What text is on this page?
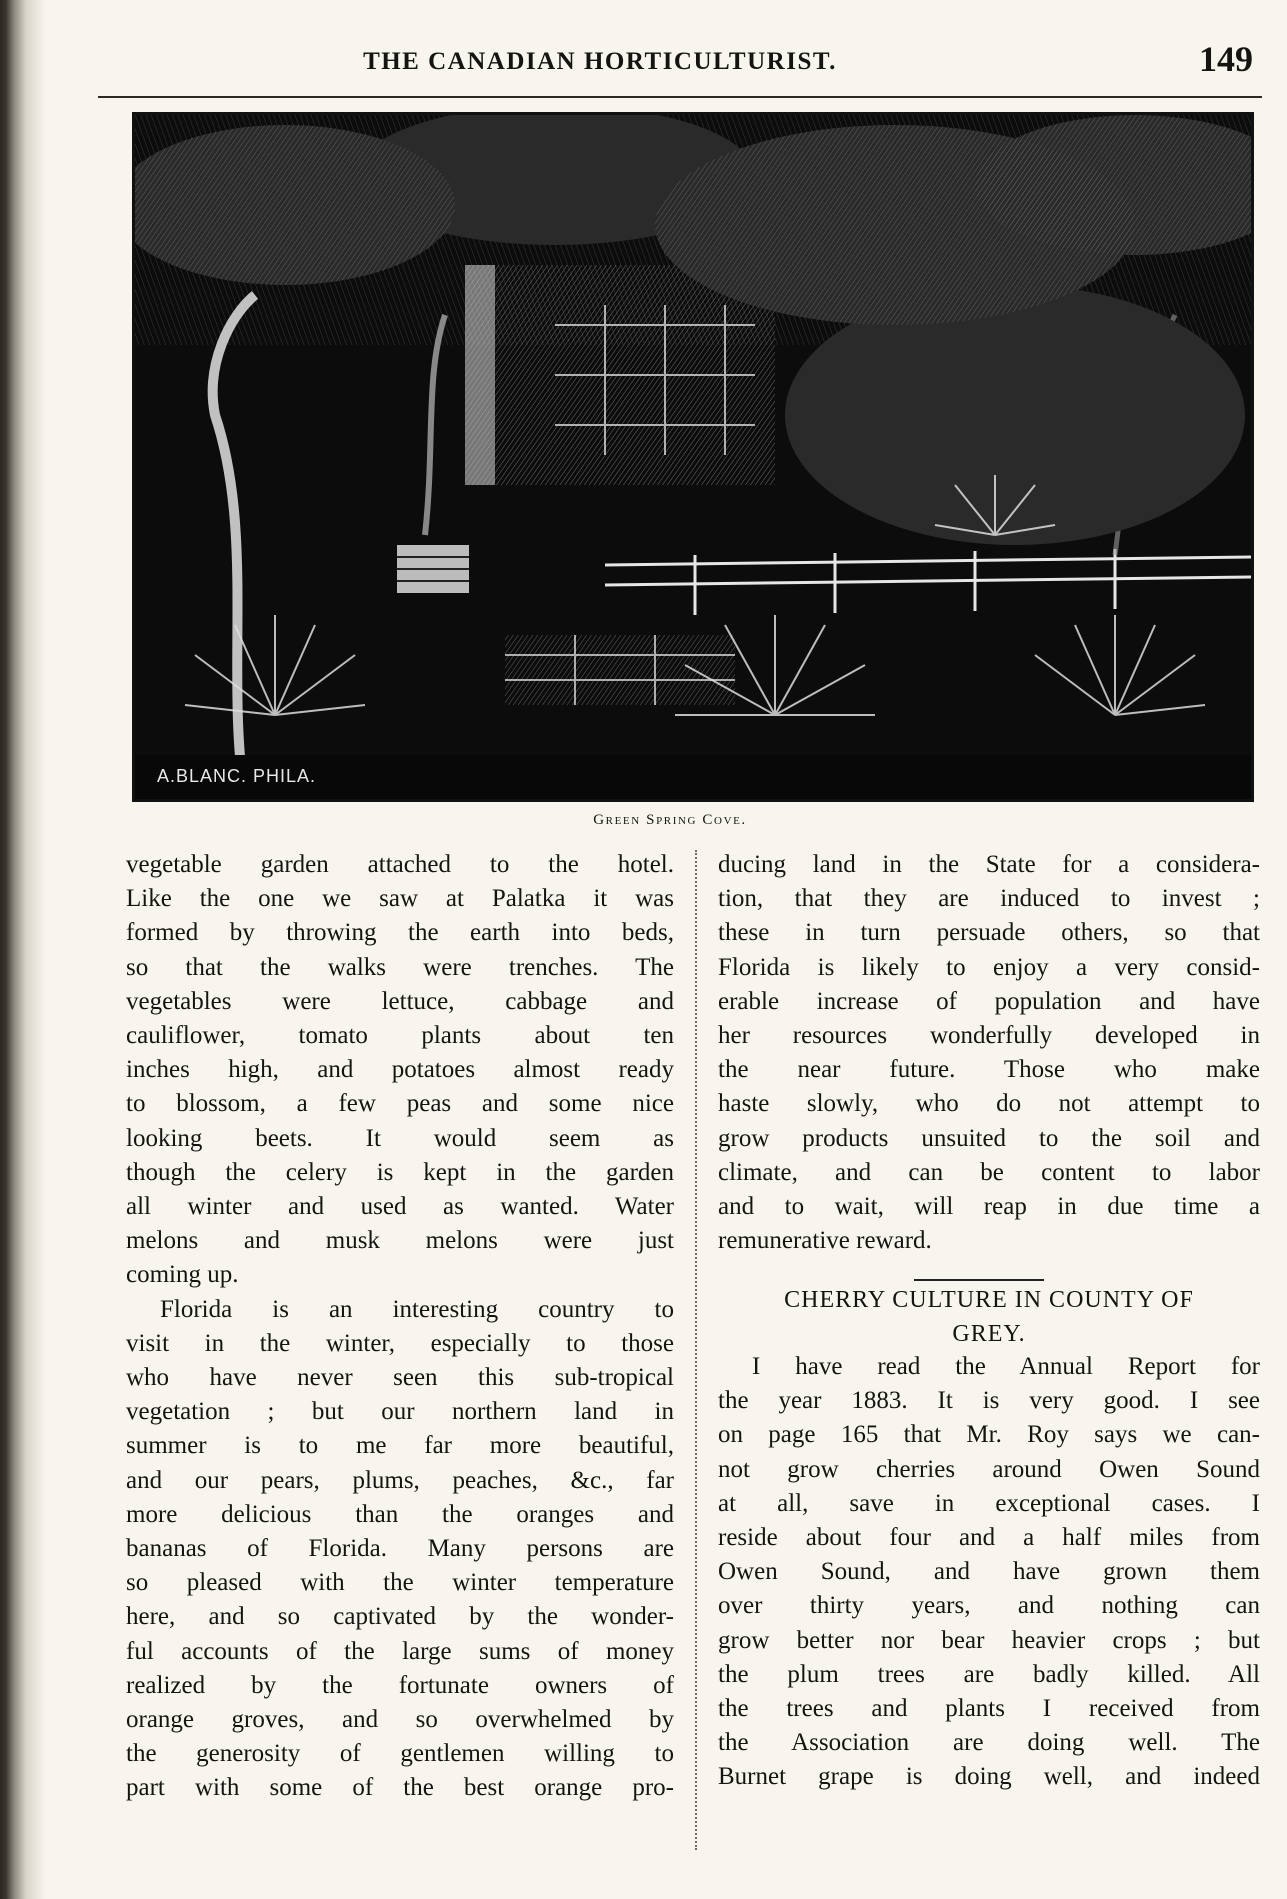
THE CANADIAN HORTICULTURIST.	149
A.BLANC. PHILA.
Green Spring Cove.
vegetable garden attached to the hotel.
Like the one we saw at Palatka it was
formed by throwing the earth into beds,
so that the walks were trenches. The
vegetables were lettuce, cabbage and
cauliflower, tomato plants about ten
inches high, and potatoes almost ready
to blossom, a few peas and some nice
looking beets. It would seem as
though the celery is kept in the garden
all winter and used as wanted. Water
melons and musk melons were just
coming up.
Florida is an interesting country to
visit in the winter, especially to those
who have never seen this sub-tropical
vegetation ; but our northern land in
summer is to me far more beautiful,
and our pears, plums, peaches, &c., far
more delicious than the oranges and
bananas of Florida. Many persons are
so pleased with the winter temperature
here, and so captivated by the wonder-
ful accounts of the large sums of money
realized by the fortunate owners of
orange groves, and so overwhelmed by
the generosity of gentlemen willing to
part with some of the best orange pro-
ducing land in the State for a considera-
tion, that they are induced to invest ;
these in turn persuade others, so that
Florida is likely to enjoy a very consid-
erable increase of population and have
her resources wonderfully developed in
the near future. Those who make
haste slowly, who do not attempt to
grow products unsuited to the soil and
climate, and can be content to labor
and to wait, will reap in due time a
remunerative reward.
CHERRY CULTURE IN COUNTY OF
GREY.
I have read the Annual Report for
the year 1883. It is very good. I see
on page 165 that Mr. Roy says we can-
not grow cherries around Owen Sound
at all, save in exceptional cases. I
reside about four and a half miles from
Owen Sound, and have grown them
over thirty years, and nothing can
grow better nor bear heavier crops ; but
the plum trees are badly killed. All
the trees and plants I received from
the Association are doing well. The
Burnet grape is doing well, and indeed
